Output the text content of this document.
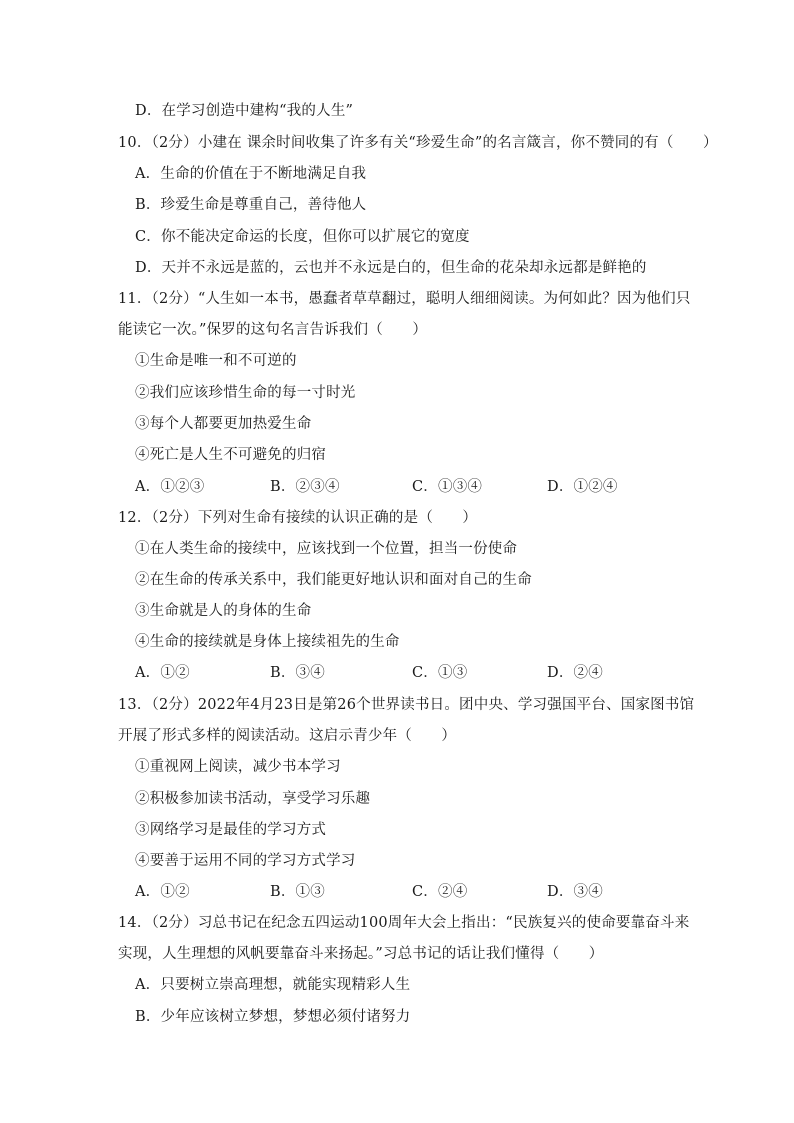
D．在学习创造中建构“我的人生”
10．（2分）小建在 课余时间收集了许多有关“珍爱生命”的名言箴言，你不赞同的有（　　）
A．生命的价值在于不断地满足自我
B．珍爱生命是尊重自己，善待他人
C．你不能决定命运的长度，但你可以扩展它的宽度
D．天并不永远是蓝的，云也并不永远是白的，但生命的花朵却永远都是鲜艳的
11．（2分）“人生如一本书，愚蠢者草草翻过，聪明人细细阅读。为何如此？因为他们只
能读它一次。”保罗的这句名言告诉我们（　　）
①生命是唯一和不可逆的
②我们应该珍惜生命的每一寸时光
③每个人都要更加热爱生命
④死亡是人生不可避免的归宿
A．①②③	B．②③④	C．①③④	D．①②④
12．（2分）下列对生命有接续的认识正确的是（　　）
①在人类生命的接续中，应该找到一个位置，担当一份使命
②在生命的传承关系中，我们能更好地认识和面对自己的生命
③生命就是人的身体的生命
④生命的接续就是身体上接续祖先的生命
A．①②	B．③④	C．①③	D．②④
13．（2分）2022年4月23日是第26个世界读书日。团中央、学习强国平台、国家图书馆
开展了形式多样的阅读活动。这启示青少年（　　）
①重视网上阅读，减少书本学习
②积极参加读书活动，享受学习乐趣
③网络学习是最佳的学习方式
④要善于运用不同的学习方式学习
A．①②	B．①③	C．②④	D．③④
14．（2分）习总书记在纪念五四运动100周年大会上指出：“民族复兴的使命要靠奋斗来
实现，人生理想的风帆要靠奋斗来扬起。”习总书记的话让我们懂得（　　）
A．只要树立崇高理想，就能实现精彩人生
B．少年应该树立梦想，梦想必须付诸努力
